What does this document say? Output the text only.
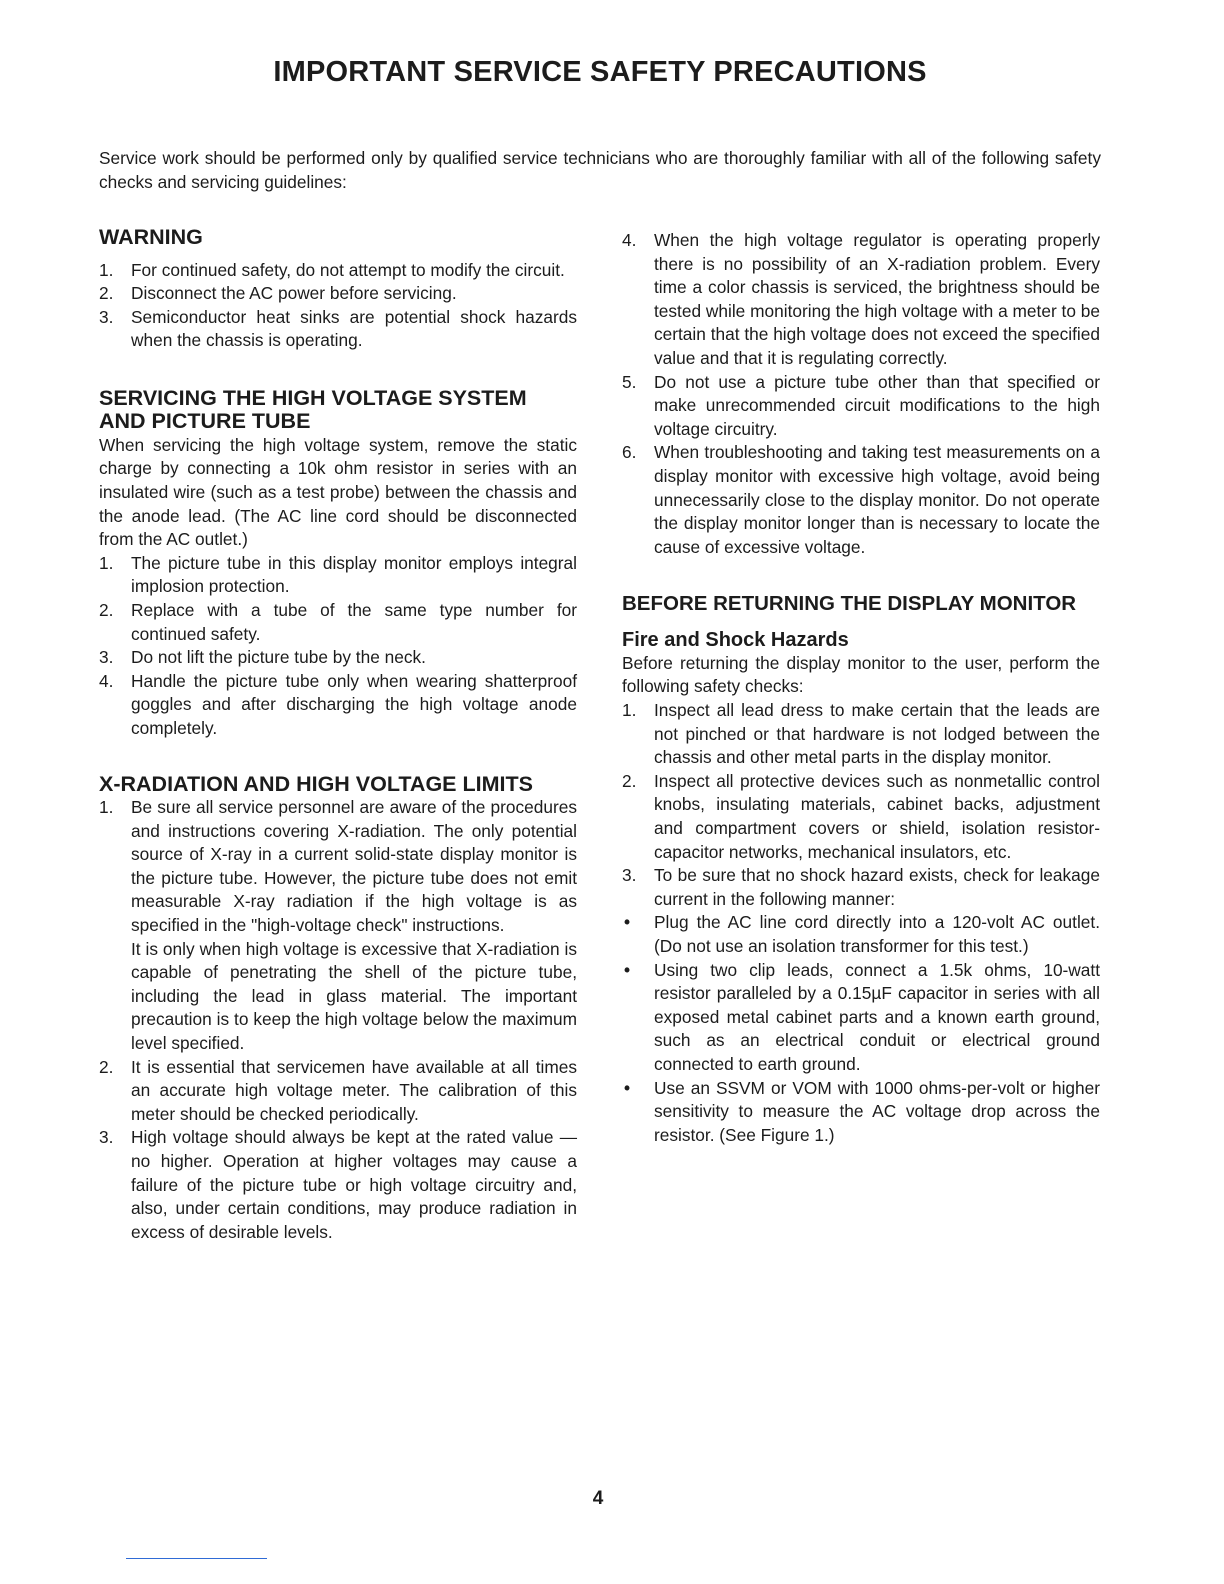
IMPORTANT SERVICE SAFETY PRECAUTIONS

Service work should be performed only by qualified service technicians who are thoroughly familiar with all of the following safety checks and servicing guidelines:

WARNING
1. For continued safety, do not attempt to modify the circuit.
2. Disconnect the AC power before servicing.
3. Semiconductor heat sinks are potential shock hazards when the chassis is operating.
SERVICING THE HIGH VOLTAGE SYSTEM AND PICTURE TUBE

When servicing the high voltage system, remove the static charge by connecting a 10k ohm resistor in series with an insulated wire (such as a test probe) between the chassis and the anode lead. (The AC line cord should be disconnected from the AC outlet.)

1. The picture tube in this display monitor employs integral implosion protection.
2. Replace with a tube of the same type number for continued safety.
3. Do not lift the picture tube by the neck.
4. Handle the picture tube only when wearing shatterproof goggles and after discharging the high voltage anode completely.
X-RADIATION AND HIGH VOLTAGE LIMITS
1. Be sure all service personnel are aware of the procedures and instructions covering X-radiation. The only potential source of X-ray in a current solid-state display monitor is the picture tube. However, the picture tube does not emit measurable X-ray radiation if the high voltage is as specified in the "high-voltage check" instructions.
It is only when high voltage is excessive that X-radiation is capable of penetrating the shell of the picture tube, including the lead in glass material. The important precaution is to keep the high voltage below the maximum level specified.
2. It is essential that servicemen have available at all times an accurate high voltage meter. The calibration of this meter should be checked periodically.
3. High voltage should always be kept at the rated value — no higher. Operation at higher voltages may cause a failure of the picture tube or high voltage circuitry and, also, under certain conditions, may produce radiation in excess of desirable levels.
4. When the high voltage regulator is operating properly there is no possibility of an X-radiation problem. Every time a color chassis is serviced, the brightness should be tested while monitoring the high voltage with a meter to be certain that the high voltage does not exceed the specified value and that it is regulating correctly.
5. Do not use a picture tube other than that specified or make unrecommended circuit modifications to the high voltage circuitry.
6. When troubleshooting and taking test measurements on a display monitor with excessive high voltage, avoid being unnecessarily close to the display monitor. Do not operate the display monitor longer than is necessary to locate the cause of excessive voltage.
BEFORE RETURNING THE DISPLAY MONITOR
Fire and Shock Hazards

Before returning the display monitor to the user, perform the following safety checks:

1. Inspect all lead dress to make certain that the leads are not pinched or that hardware is not lodged between the chassis and other metal parts in the display monitor.
2. Inspect all protective devices such as nonmetallic control knobs, insulating materials, cabinet backs, adjustment and compartment covers or shield, isolation resistor-capacitor networks, mechanical insulators, etc.
3. To be sure that no shock hazard exists, check for leakage current in the following manner:
• Plug the AC line cord directly into a 120-volt AC outlet. (Do not use an isolation transformer for this test.)
• Using two clip leads, connect a 1.5k ohms, 10-watt resistor paralleled by a 0.15µF capacitor in series with all exposed metal cabinet parts and a known earth ground, such as an electrical conduit or electrical ground connected to earth ground.
• Use an SSVM or VOM with 1000 ohms-per-volt or higher sensitivity to measure the AC voltage drop across the resistor. (See Figure 1.)
4
